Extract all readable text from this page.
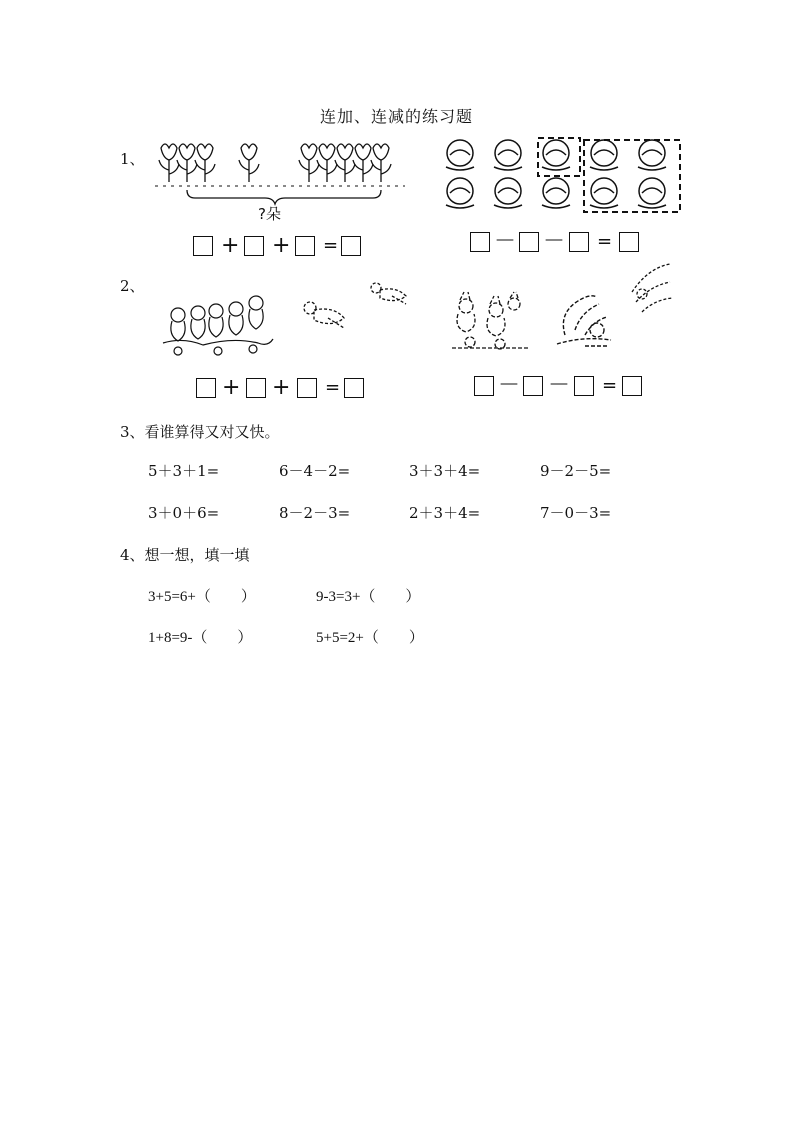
连加、连减的练习题
1、
?朵
+ + =	－ － =
2、
+ + =	－ － =
3、看谁算得又对又快。
5＋3＋1=	6－4－2=	3＋3＋4=	9－2－5=
3＋0＋6=	8－2－3=	2＋3＋4=	7－0－3=
4、想一想，填一填
3+5=6+（　　）	9-3=3+（　　）
1+8=9-（　　）	5+5=2+（　　）
